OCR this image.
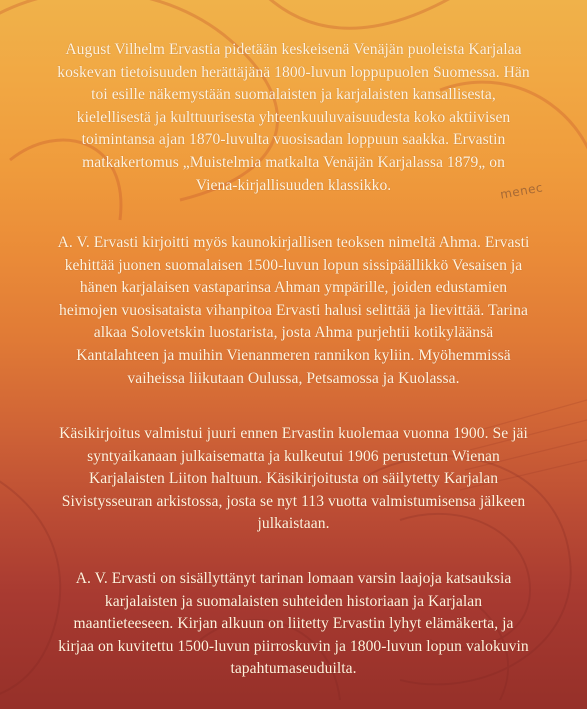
August Vilhelm Ervastia pidetään keskeisenä Venäjän puoleista Karjalaa
koskevan tietoisuuden herättäjänä 1800-luvun loppupuolen Suomessa. Hän
toi esille näkemystään suomalaisten ja karjalaisten kansallisesta,
kielellisestä ja kulttuurisesta yhteenkuuluvaisuudesta koko aktiivisen
toimintansa ajan 1870-luvulta vuosisadan loppuun saakka. Ervastin
matkakertomus „Muistelmia matkalta Venäjän Karjalassa 1879„ on
Viena-kirjallisuuden klassikko.

A. V. Ervasti kirjoitti myös kaunokirjallisen teoksen nimeltä Ahma. Ervasti
kehittää juonen suomalaisen 1500-luvun lopun sissipäällikkö Vesaisen ja
hänen karjalaisen vastaparinsa Ahman ympärille, joiden edustamien
heimojen vuosisataista vihanpitoa Ervasti halusi selittää ja lievittää. Tarina
alkaa Solovetskin luostarista, josta Ahma purjehtii kotikyläänsä
Kantalahteen ja muihin Vienanmeren rannikon kyliin. Myöhemmissä
vaiheissa liikutaan Oulussa, Petsamossa ja Kuolassa.

Käsikirjoitus valmistui juuri ennen Ervastin kuolemaa vuonna 1900. Se jäi
syntyaikanaan julkaisematta ja kulkeutui 1906 perustetun Wienan
Karjalaisten Liiton haltuun. Käsikirjoitusta on säilytetty Karjalan
Sivistysseuran arkistossa, josta se nyt 113 vuotta valmistumisensa jälkeen
julkaistaan.

A. V. Ervasti on sisällyttänyt tarinan lomaan varsin laajoja katsauksia
karjalaisten ja suomalaisten suhteiden historiaan ja Karjalan
maantieteeseen. Kirjan alkuun on liitetty Ervastin lyhyt elämäkerta, ja
kirjaa on kuvitettu 1500-luvun piirroskuvin ja 1800-luvun lopun valokuvin
tapahtumaseuduilta.

menec
